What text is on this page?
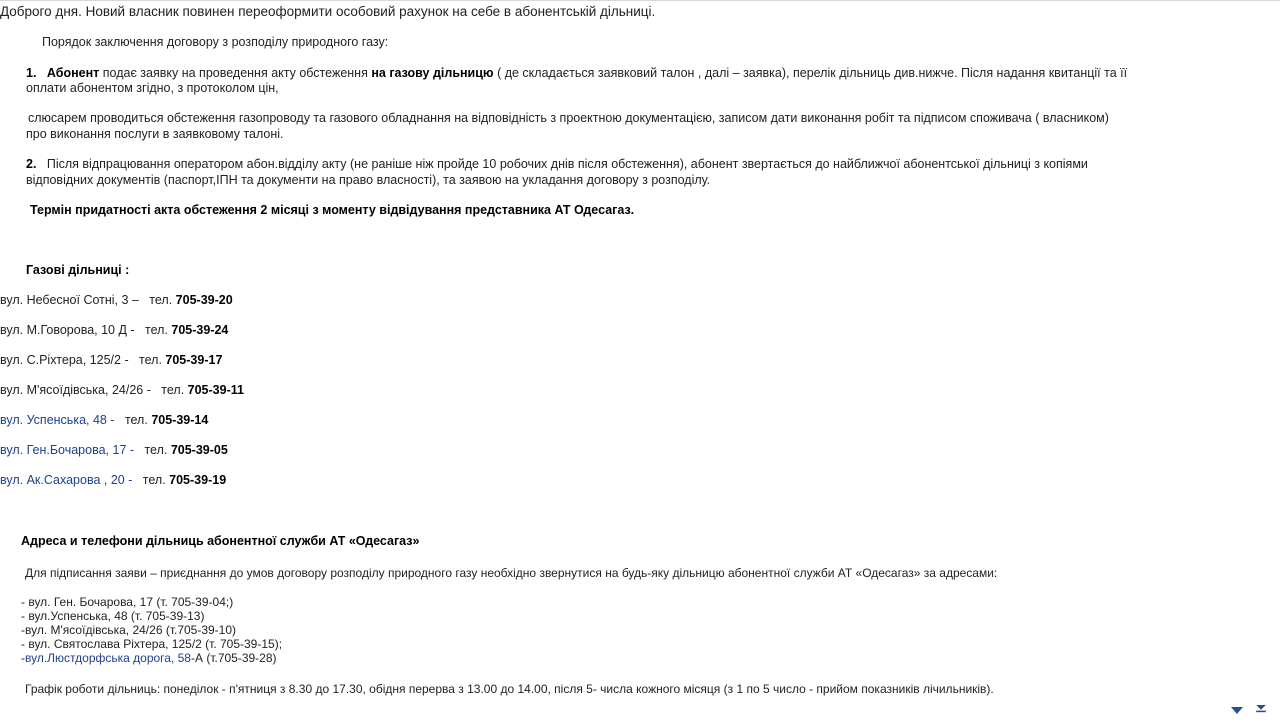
Доброго дня. Новий власник повинен переоформити особовий рахунок на себе в абонентській дільниці.
Порядок заключення договору з розподілу природного газу:
1. Абонент подає заявку на проведення акту обстеження на газову дільницю ( де складається заявковий талон , далі – заявка), перелік дільниць див.нижче. Після надання квитанції та її
оплати абонентом згідно, з протоколом цін,
слюсарем проводиться обстеження газопроводу та газового обладнання на відповідність з проектною документацією, записом дати виконання робіт та підписом споживача ( власником)
про виконання послуги в заявковому талоні.
2. Після відпрацювання оператором абон.відділу акту (не раніше ніж пройде 10 робочих днів після обстеження), абонент звертається до найближчої абонентської дільниці з копіями
відповідних документів (паспорт,ІПН та документи на право власності), та заявою на укладання договору з розподілу.
Термін придатності акта обстеження 2 місяці з моменту відвідування представника АТ Одесагаз.
Газові дільниці :
вул. Небесної Сотні, 3 – тел. 705-39-20
вул. М.Говорова, 10 Д - тел. 705-39-24
вул. С.Ріхтера, 125/2 - тел. 705-39-17
вул. М'ясоїдівська, 24/26 - тел. 705-39-11
вул. Успенська, 48 - тел. 705-39-14
вул. Ген.Бочарова, 17 - тел. 705-39-05
вул. Ак.Сахарова , 20 - тел. 705-39-19
Адреса и телефони дільниць абонентної служби АТ «Одесагаз»
Для підписання заяви – приєднання до умов договору розподілу природного газу необхідно звернутися на будь-яку дільницю абонентної служби АТ «Одесагаз» за адресами:
- вул. Ген. Бочарова, 17 (т. 705-39-04;)
- вул.Успенська, 48 (т. 705-39-13)
-вул. М'ясоїдівська, 24/26 (т.705-39-10)
- вул. Святослава Ріхтера, 125/2 (т. 705-39-15);
-вул.Люстдорфська дорога, 58-А (т.705-39-28)
Графік роботи дільниць: понеділок - п'ятниця з 8.30 до 17.30, обідня перерва з 13.00 до 14.00, після 5- числа кожного місяця (з 1 по 5 число - прийом показників лічильників).
